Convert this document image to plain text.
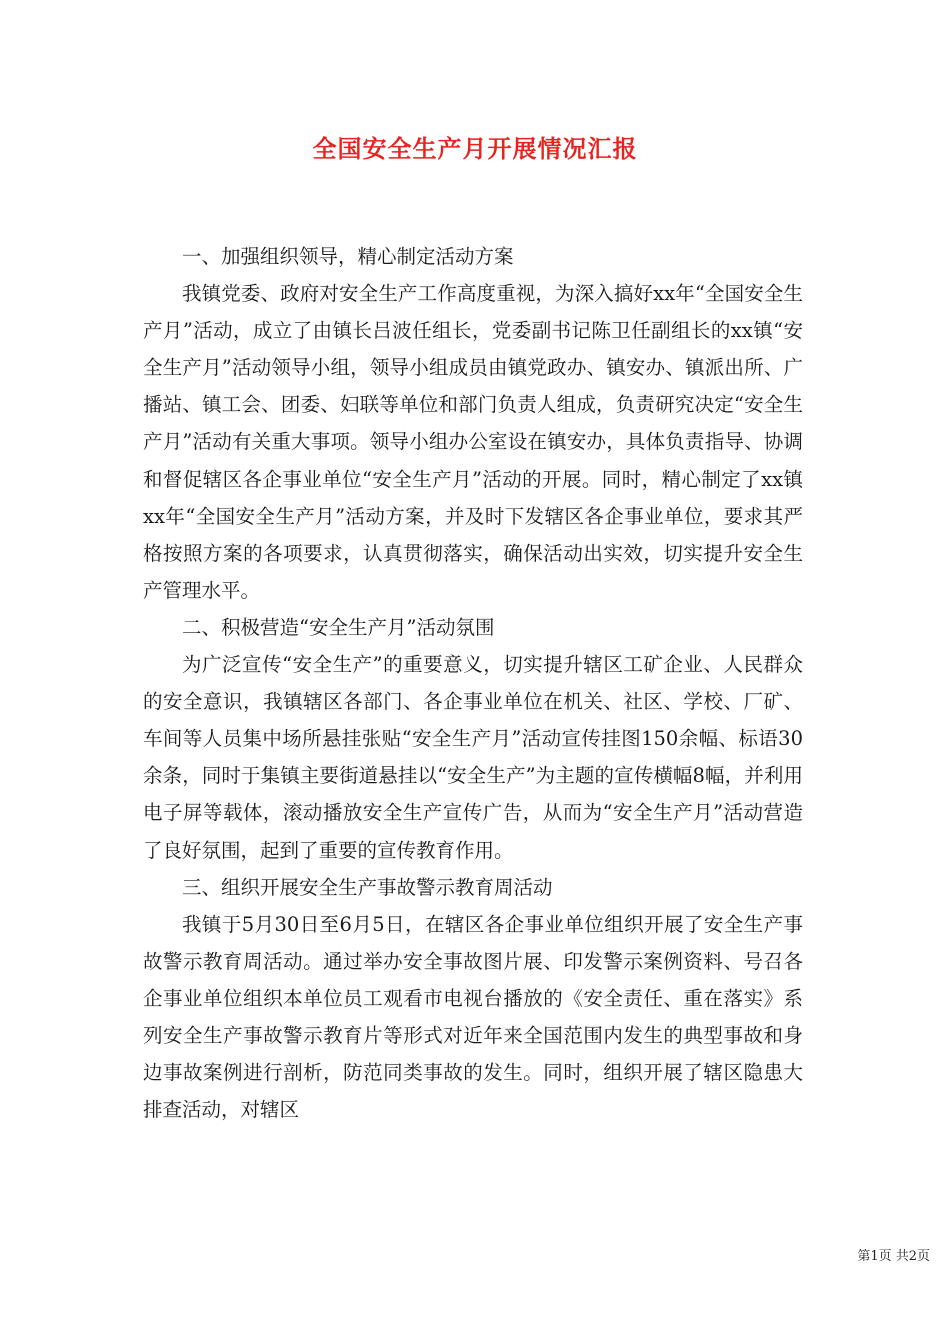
全国安全生产月开展情况汇报

一、加强组织领导，精心制定活动方案

我镇党委、政府对安全生产工作高度重视，为深入搞好xx年“全国安全生产月”活动，成立了由镇长吕波任组长，党委副书记陈卫任副组长的xx镇“安全生产月”活动领导小组，领导小组成员由镇党政办、镇安办、镇派出所、广播站、镇工会、团委、妇联等单位和部门负责人组成，负责研究决定“安全生产月”活动有关重大事项。领导小组办公室设在镇安办，具体负责指导、协调和督促辖区各企事业单位“安全生产月”活动的开展。同时，精心制定了xx镇xx年“全国安全生产月”活动方案，并及时下发辖区各企事业单位，要求其严格按照方案的各项要求，认真贯彻落实，确保活动出实效，切实提升安全生产管理水平。

二、积极营造“安全生产月”活动氛围

为广泛宣传“安全生产”的重要意义，切实提升辖区工矿企业、人民群众的安全意识，我镇辖区各部门、各企事业单位在机关、社区、学校、厂矿、车间等人员集中场所悬挂张贴“安全生产月”活动宣传挂图150余幅、标语30余条，同时于集镇主要街道悬挂以“安全生产”为主题的宣传横幅8幅，并利用电子屏等载体，滚动播放安全生产宣传广告，从而为“安全生产月”活动营造了良好氛围，起到了重要的宣传教育作用。

三、组织开展安全生产事故警示教育周活动

我镇于5月30日至6月5日，在辖区各企事业单位组织开展了安全生产事故警示教育周活动。通过举办安全事故图片展、印发警示案例资料、号召各企事业单位组织本单位员工观看市电视台播放的《安全责任、重在落实》系列安全生产事故警示教育片等形式对近年来全国范围内发生的典型事故和身边事故案例进行剖析，防范同类事故的发生。同时，组织开展了辖区隐患大排查活动，对辖区

第1页 共2页
